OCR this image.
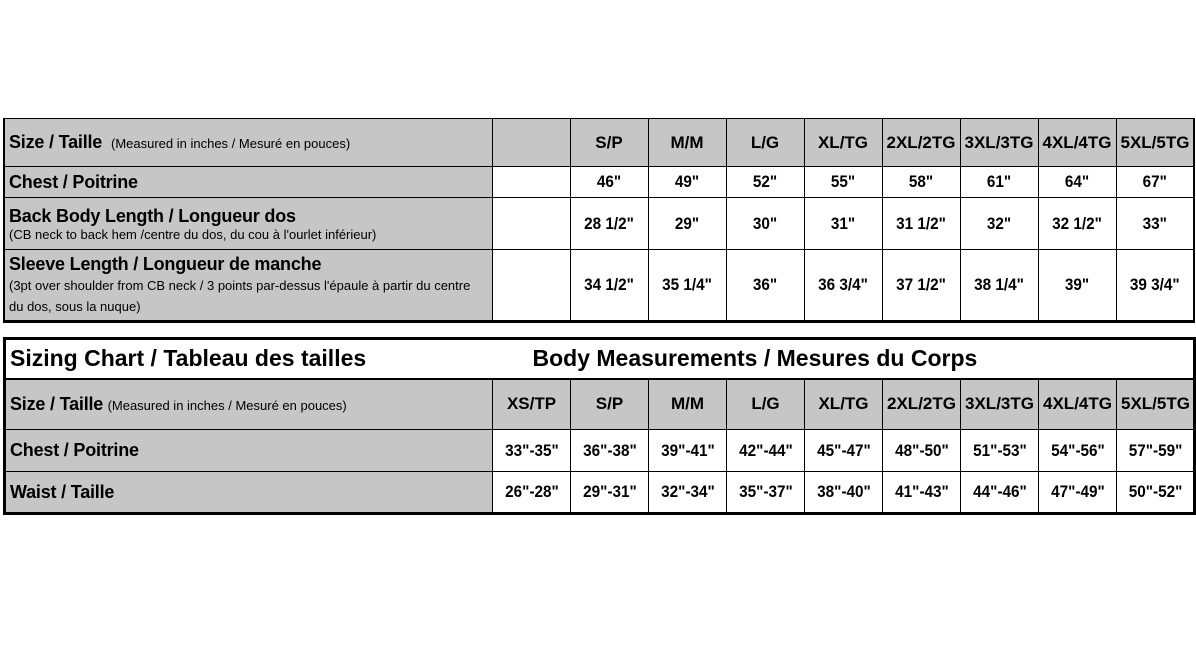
Size / Taille (Measured in inches / Mesuré en pouces)		S/P	M/M	L/G	XL/TG	2XL/2TG	3XL/3TG	4XL/4TG	5XL/5TG
Chest / Poitrine		46"	49"	52"	55"	58"	61"	64"	67"

Back Body Length / Longueur dos
(CB neck to back hem /centre du dos, du cou à l'ourlet inférieur)		28 1/2"	29"	30"	31"	31 1/2"	32"	32 1/2"	33"

Sleeve Length / Longueur de manche
(3pt over shoulder from CB neck / 3 points par-dessus l'épaule à partir du centre du dos, sous la nuque)		34 1/2"	35 1/4"	36"	36 3/4"	37 1/2"	38 1/4"	39"	39 3/4"
Sizing Chart / Tableau des tailles	Body Measurements / Mesures du Corps								
Size / Taille (Measured in inches / Mesuré en pouces)	XS/TP	S/P	M/M	L/G	XL/TG	2XL/2TG	3XL/3TG	4XL/4TG	5XL/5TG
Chest / Poitrine	33"-35"	36"-38"	39"-41"	42"-44"	45"-47"	48"-50"	51"-53"	54"-56"	57"-59"
Waist / Taille	26"-28"	29"-31"	32"-34"	35"-37"	38"-40"	41"-43"	44"-46"	47"-49"	50"-52"
